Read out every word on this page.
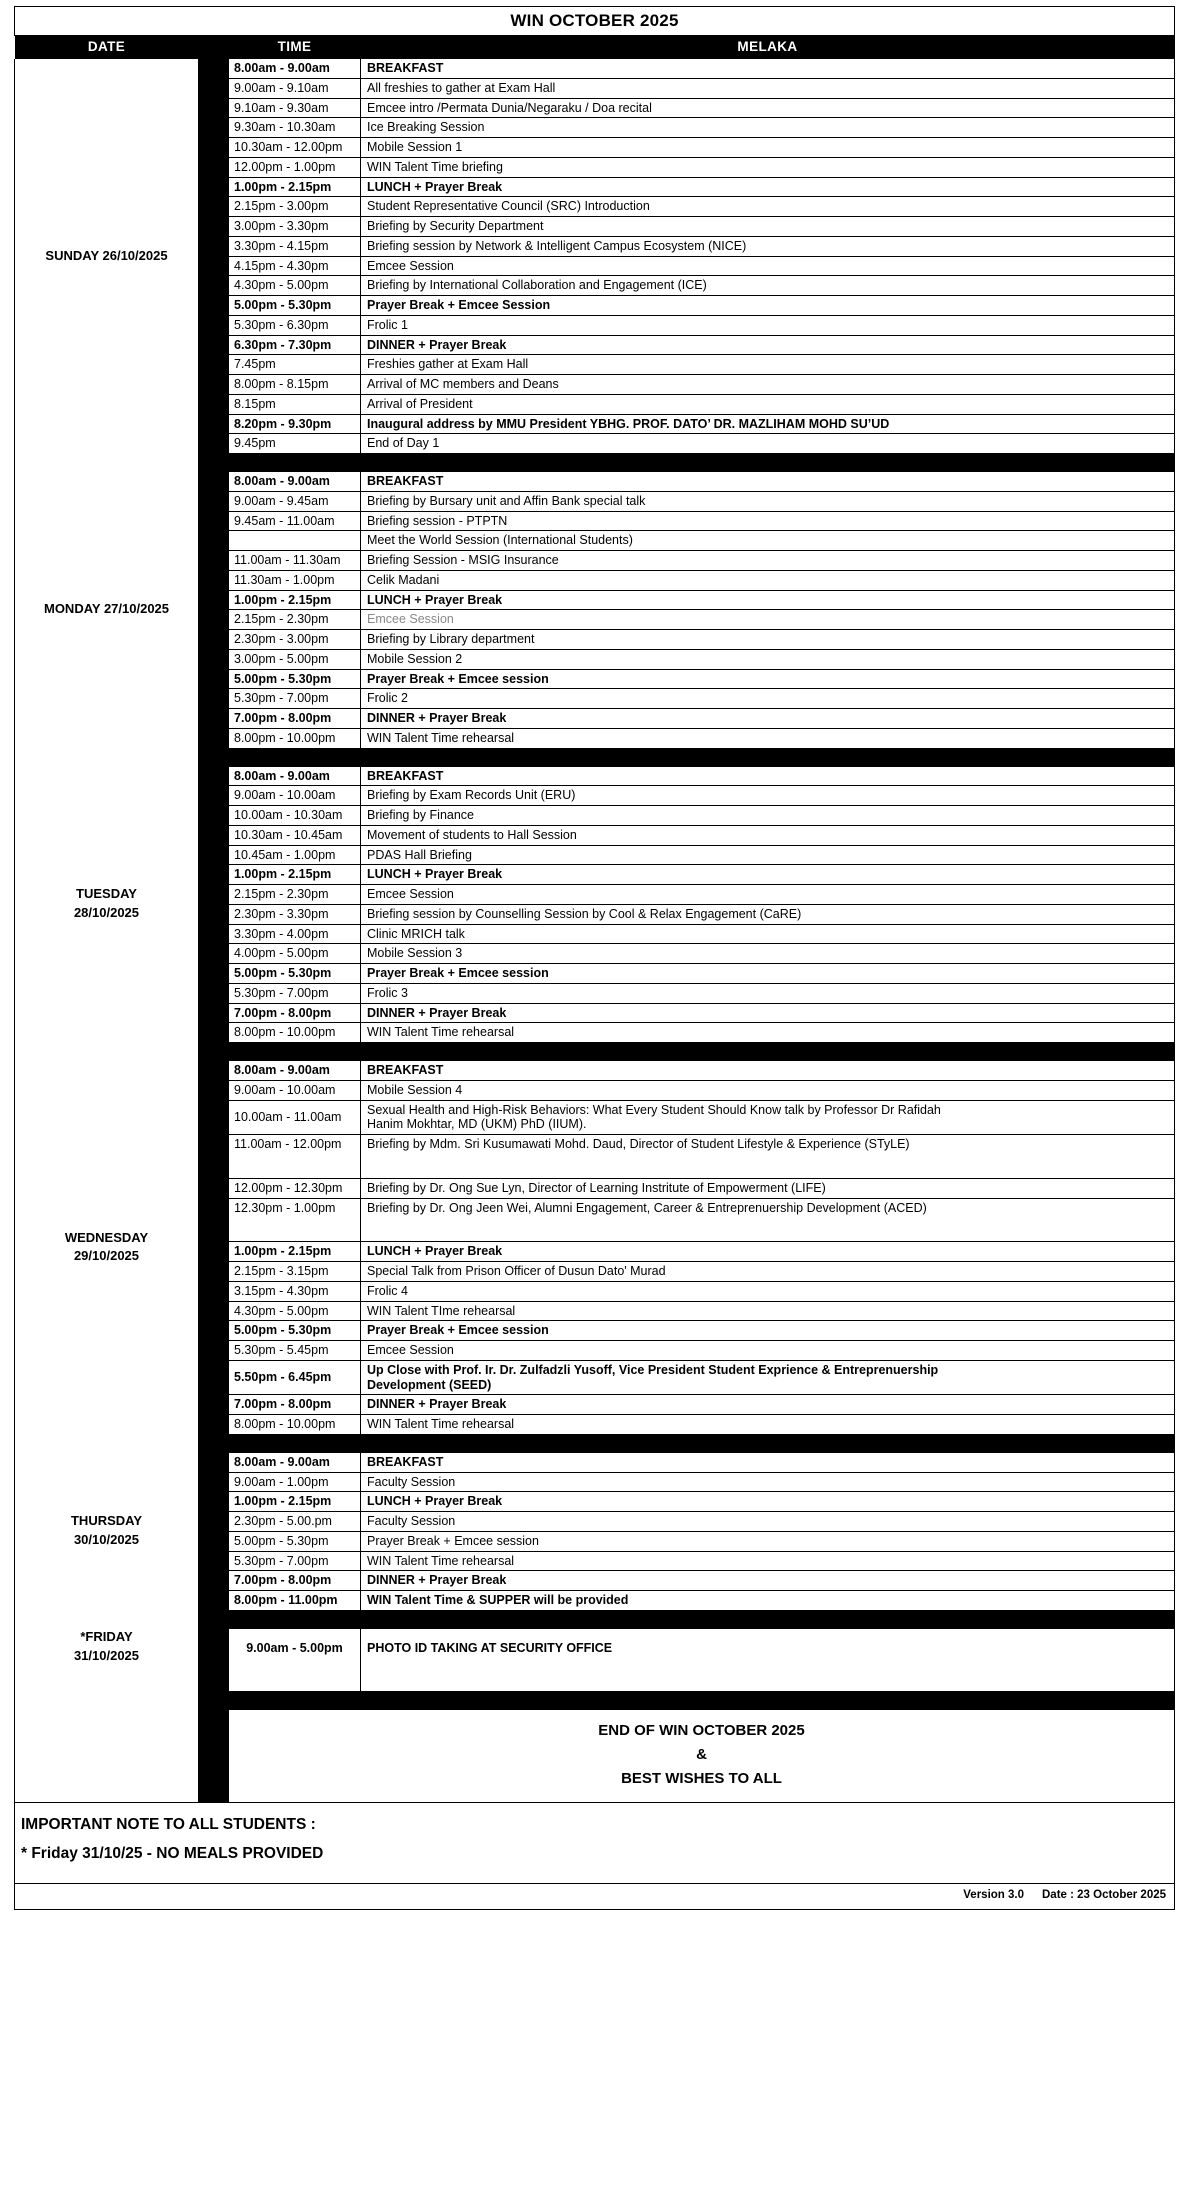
WIN OCTOBER 2025			
DATE		TIME	MELAKA

SUNDAY 26/10/2025		8.00am - 9.00am	BREAKFAST
		9.00am - 9.10am	All freshies to gather at Exam Hall
		9.10am - 9.30am	Emcee intro /Permata Dunia/Negaraku / Doa recital
		9.30am - 10.30am	Ice Breaking Session
		10.30am - 12.00pm	Mobile Session 1
		12.00pm - 1.00pm	WIN Talent Time briefing
		1.00pm - 2.15pm	LUNCH + Prayer Break
		2.15pm - 3.00pm	Student Representative Council (SRC) Introduction
		3.00pm - 3.30pm	Briefing by Security Department
		3.30pm - 4.15pm	Briefing session by Network & Intelligent Campus Ecosystem (NICE)
		4.15pm - 4.30pm	Emcee Session
		4.30pm - 5.00pm	Briefing by International Collaboration and Engagement (ICE)
		5.00pm - 5.30pm	Prayer Break + Emcee Session
		5.30pm - 6.30pm	Frolic 1
		6.30pm - 7.30pm	DINNER + Prayer Break
		7.45pm	Freshies gather at Exam Hall
		8.00pm - 8.15pm	Arrival of MC members and Deans
		8.15pm	Arrival of President
		8.20pm - 9.30pm	Inaugural address by MMU President YBHG. PROF. DATO’ DR. MAZLIHAM MOHD SU’UD
		9.45pm	End of Day 1

MONDAY 27/10/2025		8.00am - 9.00am	BREAKFAST
		9.00am - 9.45am	Briefing by Bursary unit and Affin Bank special talk
		9.45am - 11.00am	Briefing session - PTPTN
			Meet the World Session (International Students)
		11.00am - 11.30am	Briefing Session - MSIG Insurance
		11.30am - 1.00pm	Celik Madani
		1.00pm - 2.15pm	LUNCH + Prayer Break
		2.15pm - 2.30pm	Emcee Session
		2.30pm - 3.00pm	Briefing by Library department
		3.00pm - 5.00pm	Mobile Session 2
		5.00pm - 5.30pm	Prayer Break + Emcee session
		5.30pm - 7.00pm	Frolic 2
		7.00pm - 8.00pm	DINNER + Prayer Break
		8.00pm - 10.00pm	WIN Talent Time rehearsal

TUESDAY
28/10/2025		8.00am - 9.00am	BREAKFAST
		9.00am - 10.00am	Briefing by Exam Records Unit (ERU)
		10.00am - 10.30am	Briefing by Finance
		10.30am - 10.45am	Movement of students to Hall Session
		10.45am - 1.00pm	PDAS Hall Briefing
		1.00pm - 2.15pm	LUNCH + Prayer Break
		2.15pm - 2.30pm	Emcee Session
		2.30pm - 3.30pm	Briefing session by Counselling Session by Cool & Relax Engagement (CaRE)
		3.30pm - 4.00pm	Clinic MRICH talk
		4.00pm - 5.00pm	Mobile Session 3
		5.00pm - 5.30pm	Prayer Break + Emcee session
		5.30pm - 7.00pm	Frolic 3
		7.00pm - 8.00pm	DINNER + Prayer Break
		8.00pm - 10.00pm	WIN Talent Time rehearsal

WEDNESDAY
29/10/2025		8.00am - 9.00am	BREAKFAST
		9.00am - 10.00am	Mobile Session 4
		10.00am - 11.00am	Sexual Health and High-Risk Behaviors: What Every Student Should Know talk by Professor Dr Rafidah
Hanim Mokhtar, MD (UKM) PhD (IIUM).

		11.00am - 12.00pm	Briefing by Mdm. Sri Kusumawati Mohd. Daud, Director of Student Lifestyle & Experience (STyLE)
		12.00pm - 12.30pm	Briefing by Dr. Ong Sue Lyn, Director of Learning Instritute of Empowerment (LIFE)
		12.30pm - 1.00pm	Briefing by Dr. Ong Jeen Wei, Alumni Engagement, Career & Entreprenuership Development (ACED)
		1.00pm - 2.15pm	LUNCH + Prayer Break
		2.15pm - 3.15pm	Special Talk from Prison Officer of Dusun Dato' Murad
		3.15pm - 4.30pm	Frolic 4
		4.30pm - 5.00pm	WIN Talent TIme rehearsal
		5.00pm - 5.30pm	Prayer Break + Emcee session
		5.30pm - 5.45pm	Emcee Session
		5.50pm - 6.45pm	Up Close with Prof. Ir. Dr. Zulfadzli Yusoff, Vice President Student Exprience & Entreprenuership
Development (SEED)

		7.00pm - 8.00pm	DINNER + Prayer Break
		8.00pm - 10.00pm	WIN Talent Time rehearsal

THURSDAY
30/10/2025		8.00am - 9.00am	BREAKFAST
		9.00am - 1.00pm	Faculty Session
		1.00pm - 2.15pm	LUNCH + Prayer Break
		2.30pm - 5.00.pm	Faculty Session
		5.00pm - 5.30pm	Prayer Break + Emcee session
		5.30pm - 7.00pm	WIN Talent Time rehearsal
		7.00pm - 8.00pm	DINNER + Prayer Break
		8.00pm - 11.00pm	WIN Talent Time & SUPPER will be provided

*FRIDAY
31/10/2025		9.00am - 5.00pm	PHOTO ID TAKING AT SECURITY OFFICE

		END OF WIN OCTOBER 2025
&
BEST WISHES TO ALL	

IMPORTANT NOTE TO ALL STUDENTS :
* Friday 31/10/25 - NO MEALS PROVIDED			

Version 3.0 Date : 23 October 2025			
